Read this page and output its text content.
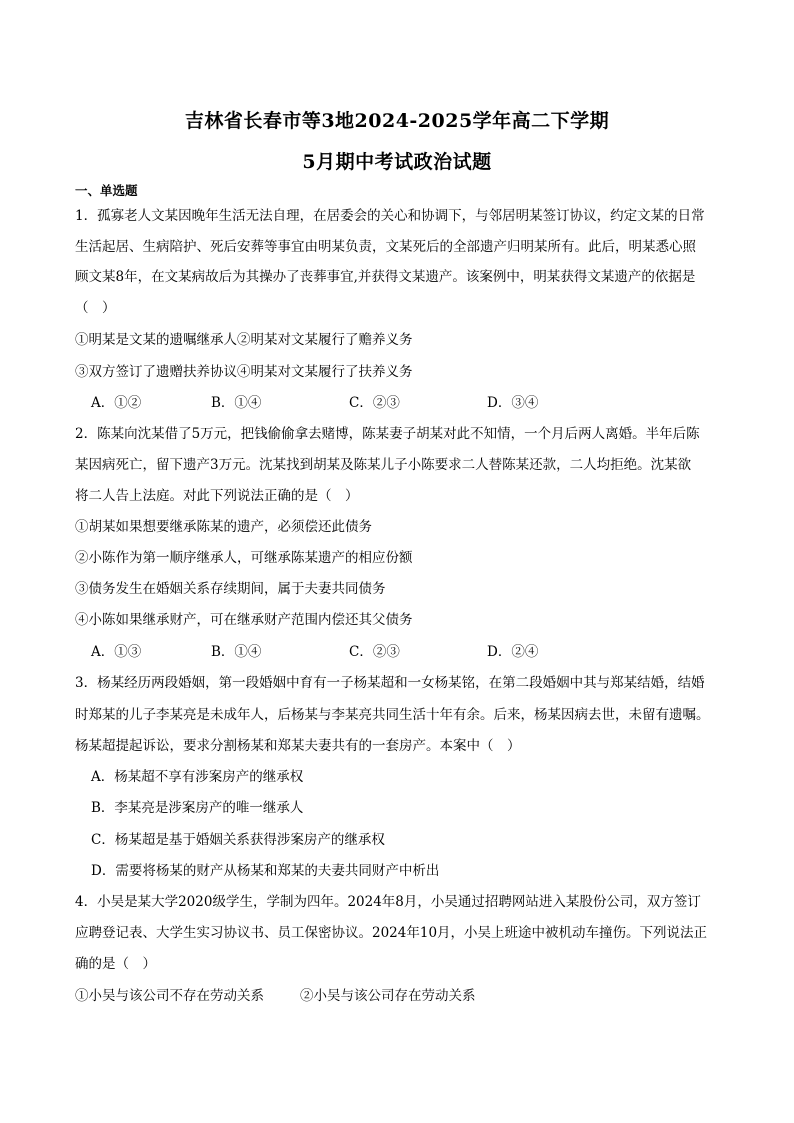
吉林省长春市等3地2024-2025学年高二下学期
5月期中考试政治试题
一、单选题
1．孤寡老人文某因晚年生活无法自理，在居委会的关心和协调下，与邻居明某签订协议，约定文某的日常
生活起居、生病陪护、死后安葬等事宜由明某负责，文某死后的全部遗产归明某所有。此后，明某悉心照
顾文某8年，在文某病故后为其操办了丧葬事宜,并获得文某遗产。该案例中，明某获得文某遗产的依据是
（　）
①明某是文某的遗嘱继承人②明某对文某履行了赡养义务
③双方签订了遗赠扶养协议④明某对文某履行了扶养义务
A．①②	B．①④	C．②③	D．③④
2．陈某向沈某借了5万元，把钱偷偷拿去赌博，陈某妻子胡某对此不知情，一个月后两人离婚。半年后陈
某因病死亡，留下遗产3万元。沈某找到胡某及陈某儿子小陈要求二人替陈某还款，二人均拒绝。沈某欲
将二人告上法庭。对此下列说法正确的是（　）
①胡某如果想要继承陈某的遗产，必须偿还此债务
②小陈作为第一顺序继承人，可继承陈某遗产的相应份额
③债务发生在婚姻关系存续期间，属于夫妻共同债务
④小陈如果继承财产，可在继承财产范围内偿还其父债务
A．①③	B．①④	C．②③	D．②④
3．杨某经历两段婚姻，第一段婚姻中育有一子杨某超和一女杨某铭，在第二段婚姻中其与郑某结婚，结婚
时郑某的儿子李某亮是未成年人，后杨某与李某亮共同生活十年有余。后来，杨某因病去世，未留有遗嘱。
杨某超提起诉讼，要求分割杨某和郑某夫妻共有的一套房产。本案中（　）
A．杨某超不享有涉案房产的继承权
B．李某亮是涉案房产的唯一继承人
C．杨某超是基于婚姻关系获得涉案房产的继承权
D．需要将杨某的财产从杨某和郑某的夫妻共同财产中析出
4．小吴是某大学2020级学生，学制为四年。2024年8月，小吴通过招聘网站进入某股份公司，双方签订
应聘登记表、大学生实习协议书、员工保密协议。2024年10月，小吴上班途中被机动车撞伤。下列说法正
确的是（　）
①小吴与该公司不存在劳动关系	②小吴与该公司存在劳动关系
